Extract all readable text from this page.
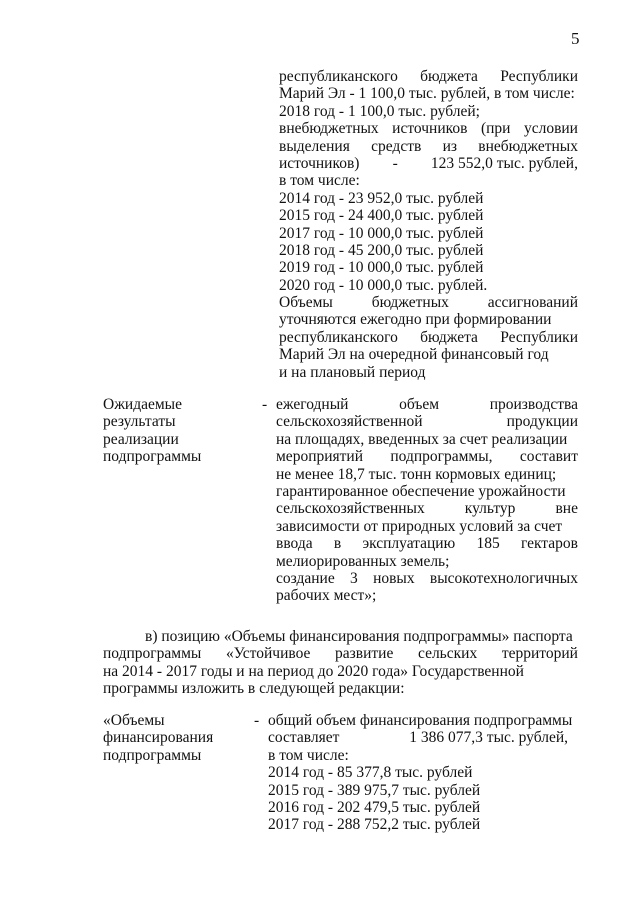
5
республиканского бюджета Республики
Марий Эл - 1 100,0 тыс. рублей, в том числе:
2018 год - 1 100,0 тыс. рублей;
внебюджетных источников (при условии
выделения средств из внебюджетных
источников) - 123 552,0 тыс. рублей,
в том числе:
2014 год - 23 952,0 тыс. рублей
2015 год - 24 400,0 тыс. рублей
2017 год - 10 000,0 тыс. рублей
2018 год - 45 200,0 тыс. рублей
2019 год - 10 000,0 тыс. рублей
2020 год - 10 000,0 тыс. рублей.
Объемы	бюджетных	ассигнований
уточняются ежегодно при формировании
республиканского бюджета Республики
Марий Эл на очередной финансовый год
и на плановый период
Ожидаемые
результаты
реализации
подпрограммы
- ежегодный	объем	производства
сельскохозяйственной	продукции
на площадях, введенных за счет реализации
мероприятий подпрограммы, составит
не менее 18,7 тыс. тонн кормовых единиц;
гарантированное обеспечение урожайности
сельскохозяйственных	культур	вне
зависимости от природных условий за счет
ввода в эксплуатацию 185 гектаров
мелиорированных земель;
создание 3 новых высокотехнологичных
рабочих мест»;
в) позицию «Объемы финансирования подпрограммы» паспорта
подпрограммы «Устойчивое развитие сельских территорий
на 2014 - 2017 годы и на период до 2020 года» Государственной
программы изложить в следующей редакции:
«Объемы
финансирования
подпрограммы
- общий объем финансирования подпрограммы
составляет	1 386 077,3 тыс. рублей,
в том числе:
2014 год - 85 377,8 тыс. рублей
2015 год - 389 975,7 тыс. рублей
2016 год - 202 479,5 тыс. рублей
2017 год - 288 752,2 тыс. рублей
